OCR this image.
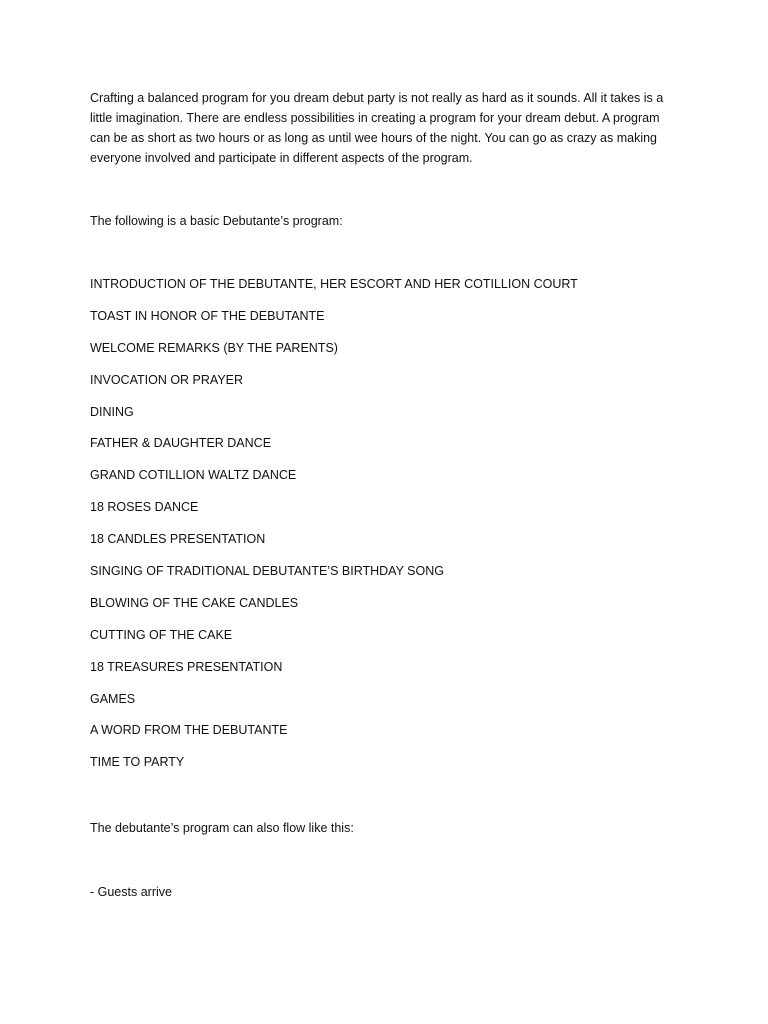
Crafting a balanced program for you dream debut party is not really as hard as it sounds. All it takes is a

little imagination. There are endless possibilities in creating a program for your dream debut. A program

can be as short as two hours or as long as until wee hours of the night. You can go as crazy as making

everyone involved and participate in different aspects of the program.

The following is a basic Debutante’s program:
INTRODUCTION OF THE DEBUTANTE, HER ESCORT AND HER COTILLION COURT
TOAST IN HONOR OF THE DEBUTANTE
WELCOME REMARKS (BY THE PARENTS)
INVOCATION OR PRAYER
DINING
FATHER & DAUGHTER DANCE
GRAND COTILLION WALTZ DANCE
18 ROSES DANCE
18 CANDLES PRESENTATION
SINGING OF TRADITIONAL DEBUTANTE’S BIRTHDAY SONG
BLOWING OF THE CAKE CANDLES
CUTTING OF THE CAKE
18 TREASURES PRESENTATION
GAMES
A WORD FROM THE DEBUTANTE
TIME TO PARTY
The debutante’s program can also flow like this:
- Guests arrive
